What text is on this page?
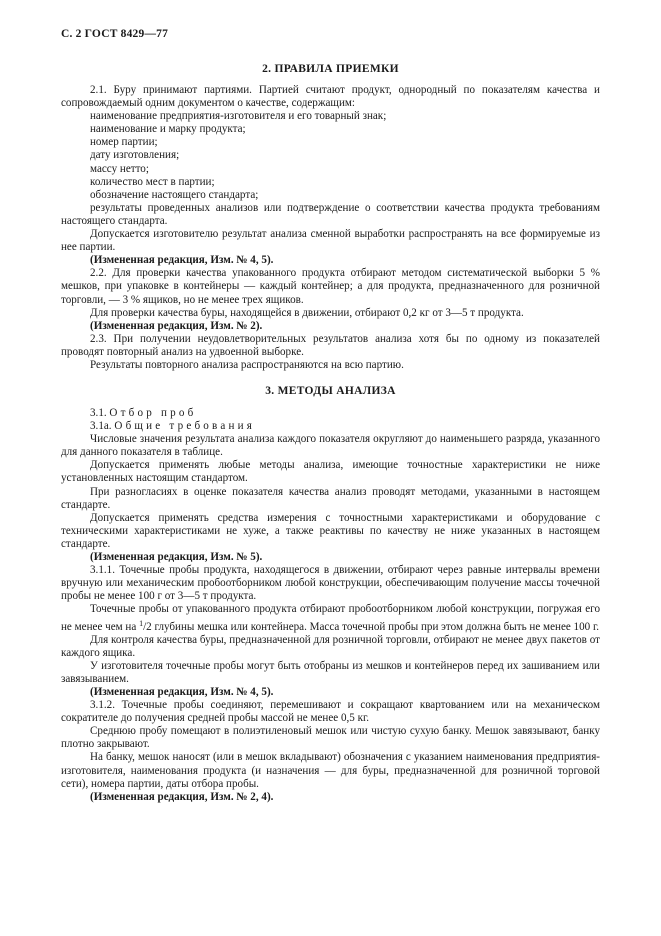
С. 2 ГОСТ 8429—77
2. ПРАВИЛА ПРИЕМКИ

2.1. Буру принимают партиями. Партией считают продукт, однородный по показателям качества и сопровождаемый одним документом о качестве, содержащим:

наименование предприятия-изготовителя и его товарный знак;

наименование и марку продукта;

номер партии;

дату изготовления;

массу нетто;

количество мест в партии;

обозначение настоящего стандарта;

результаты проведенных анализов или подтверждение о соответствии качества продукта требованиям настоящего стандарта.

Допускается изготовителю результат анализа сменной выработки распространять на все формируемые из нее партии.

(Измененная редакция, Изм. № 4, 5).

2.2. Для проверки качества упакованного продукта отбирают методом систематической выборки 5 % мешков, при упаковке в контейнеры — каждый контейнер; а для продукта, предназначенного для розничной торговли, — 3 % ящиков, но не менее трех ящиков.

Для проверки качества буры, находящейся в движении, отбирают 0,2 кг от 3—5 т продукта.

(Измененная редакция, Изм. № 2).

2.3. При получении неудовлетворительных результатов анализа хотя бы по одному из показателей проводят повторный анализ на удвоенной выборке.

Результаты повторного анализа распространяются на всю партию.

3. МЕТОДЫ АНАЛИЗА

3.1. Отбор проб

3.1а. Общие требования

Числовые значения результата анализа каждого показателя округляют до наименьшего разряда, указанного для данного показателя в таблице.

Допускается применять любые методы анализа, имеющие точностные характеристики не ниже установленных настоящим стандартом.

При разногласиях в оценке показателя качества анализ проводят методами, указанными в настоящем стандарте.

Допускается применять средства измерения с точностными характеристиками и оборудование с техническими характеристиками не хуже, а также реактивы по качеству не ниже указанных в настоящем стандарте.

(Измененная редакция, Изм. № 5).

3.1.1. Точечные пробы продукта, находящегося в движении, отбирают через равные интервалы времени вручную или механическим пробоотборником любой конструкции, обеспечивающим получение массы точечной пробы не менее 100 г от 3—5 т продукта.

Точечные пробы от упакованного продукта отбирают пробоотборником любой конструкции, погружая его не менее чем на $^1$/2 глубины мешка или контейнера. Масса точечной пробы при этом должна быть не менее 100 г.

Для контроля качества буры, предназначенной для розничной торговли, отбирают не менее двух пакетов от каждого ящика.

У изготовителя точечные пробы могут быть отобраны из мешков и контейнеров перед их зашиванием или завязыванием.

(Измененная редакция, Изм. № 4, 5).

3.1.2. Точечные пробы соединяют, перемешивают и сокращают квартованием или на механическом сократителе до получения средней пробы массой не менее 0,5 кг.

Среднюю пробу помещают в полиэтиленовый мешок или чистую сухую банку. Мешок завязывают, банку плотно закрывают.

На банку, мешок наносят (или в мешок вкладывают) обозначения с указанием наименования предприятия-изготовителя, наименования продукта (и назначения — для буры, предназначенной для розничной торговой сети), номера партии, даты отбора пробы.

(Измененная редакция, Изм. № 2, 4).
